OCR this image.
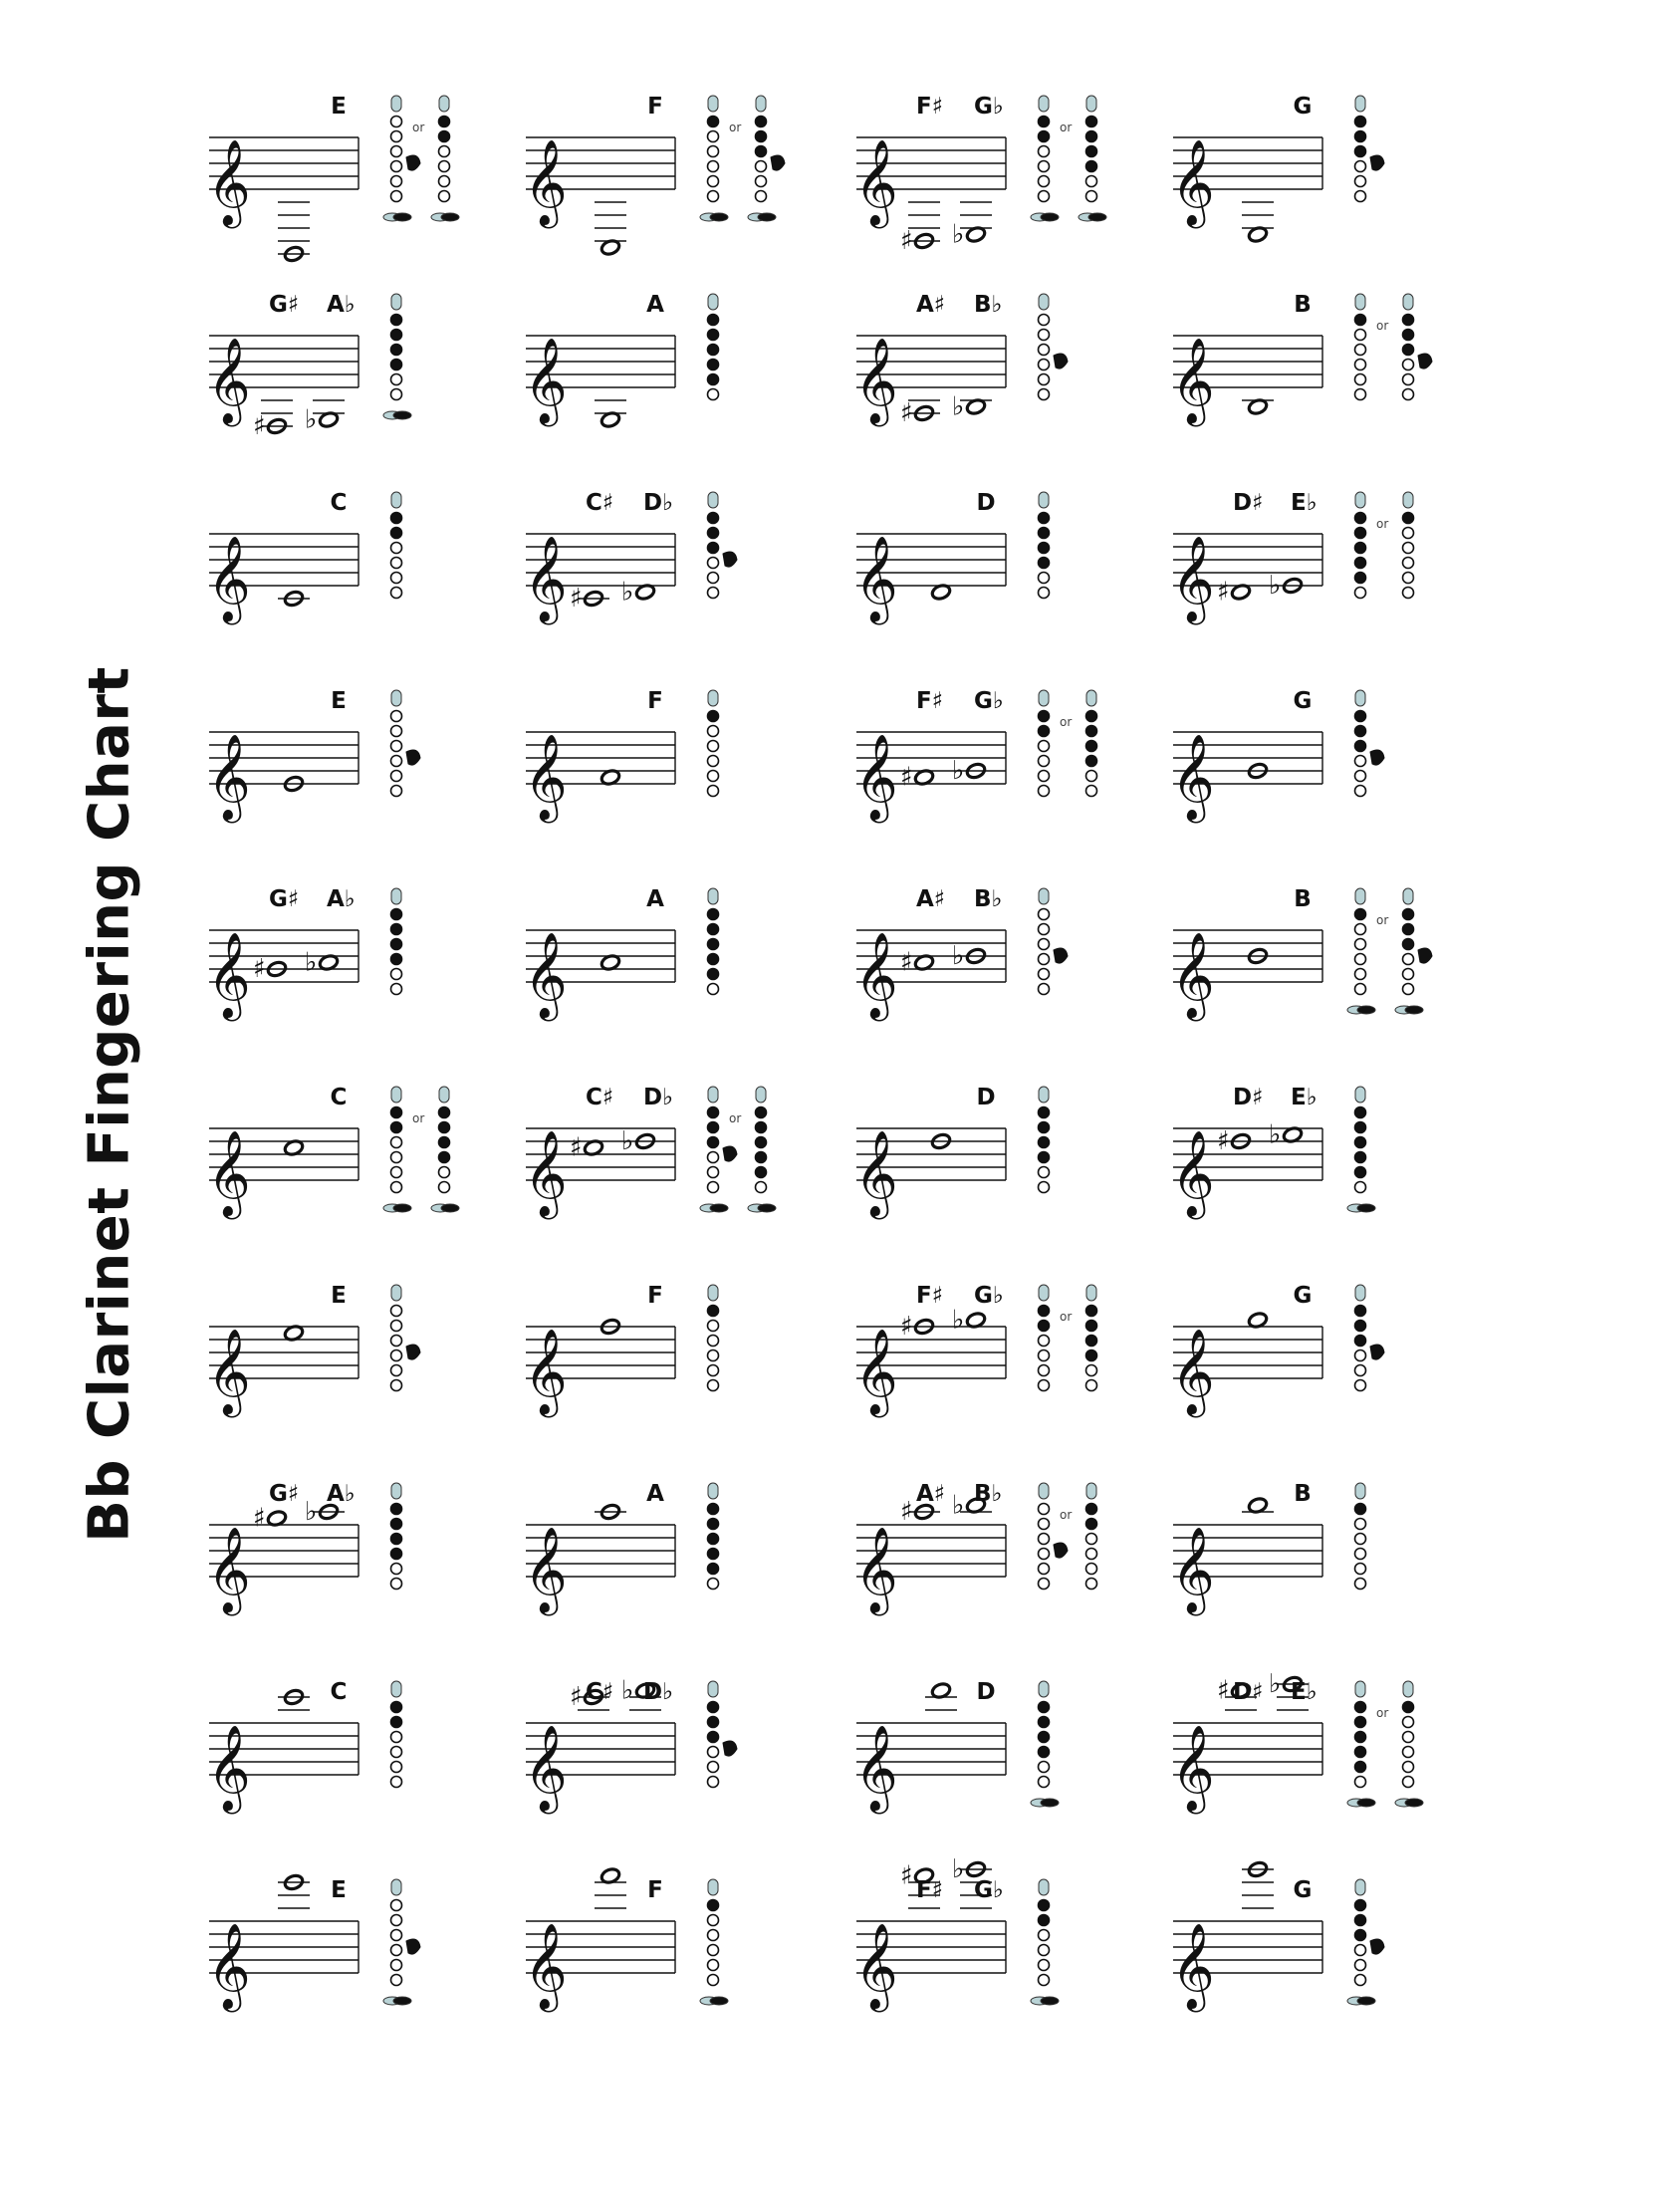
Bb Clarinet Fingering Chart
E
𝄞
or
F
𝄞
or
F♯ G♭
𝄞
♯ ♭
or
G
𝄞
G♯ A♭
𝄞
♯ ♭
A
𝄞
A♯ B♭
𝄞 ♯ ♭
B
𝄞
or
C
𝄞
C♯ D♭
𝄞 ♯ ♭
D
𝄞
D♯ E♭
𝄞 ♯ ♭
or
E
𝄞
F
𝄞
F♯ G♭
𝄞 ♯ ♭
or
G
𝄞
G♯ A♭
𝄞 ♯ ♭
A
𝄞
A♯ B♭
𝄞 ♯ ♭
B
𝄞
or
C
𝄞
or
C♯ D♭
𝄞 ♯ ♭
or
D
𝄞
D♯ E♭
𝄞 ♯ ♭
E
𝄞
F
𝄞
F♯ G♭
𝄞
♯ ♭	or
G
𝄞
G♯ A♭
𝄞
♯ ♭
A
𝄞
A♯ B♭
𝄞
♯ ♭	or
B
𝄞
C
𝄞
C♯ D♭
𝄞
♯ ♭	D
𝄞
D♯ E♭
𝄞
♯ ♭
or
E
𝄞
F
𝄞
F♯ G♭
𝄞
♯ ♭
G
𝄞
